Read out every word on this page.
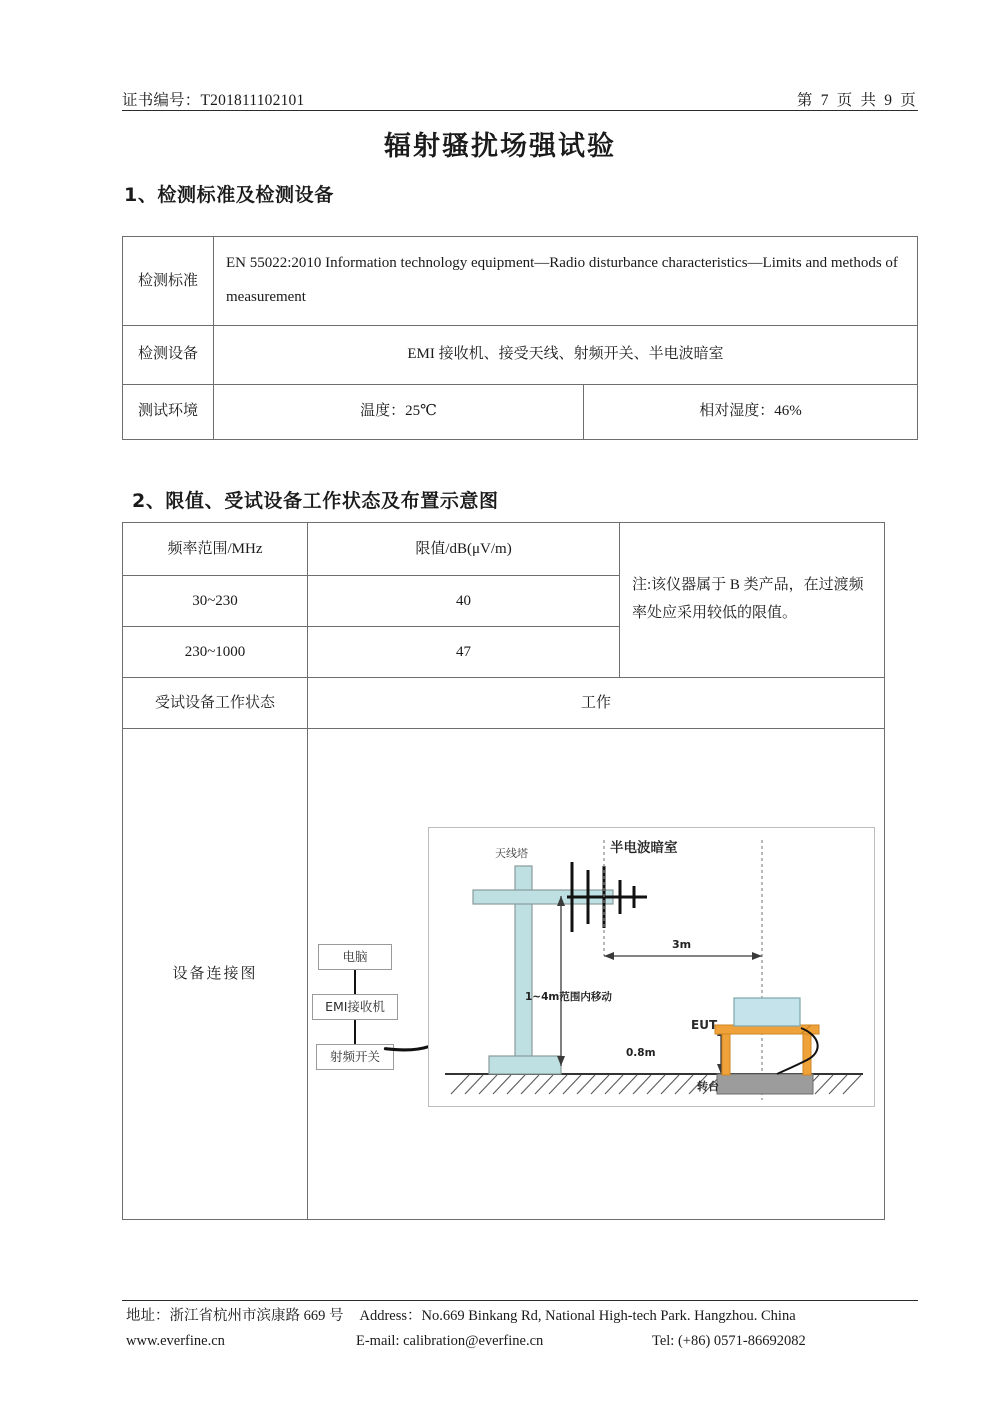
证书编号：T201811102101	第 7 页 共 9 页
辐射骚扰场强试验
1、检测标准及检测设备
检测标准	EN 55022:2010 Information technology equipment—Radio disturbance characteristics—Limits and methods of measurement	
检测设备	EMI 接收机、接受天线、射频开关、半电波暗室	
测试环境	温度：25℃	相对湿度：46%
2、限值、受试设备工作状态及布置示意图
频率范围/MHz	限值/dB(μV/m)	注:该仪器属于 B 类产品，在过渡频率处应采用较低的限值。
30~230	40	
230~1000	47	
受试设备工作状态	工作	
设备连接图	
电脑
EMI接收机
射频开关
天线塔	半电波暗室
3m
1~4m范围内移动
0.8m
EUT
转台
地址：浙江省杭州市滨康路 669 号 Address：No.669 Binkang Rd, National High-tech Park. Hangzhou. China
www.everfine.cn	E-mail: calibration@everfine.cn	Tel: (+86) 0571-86692082
